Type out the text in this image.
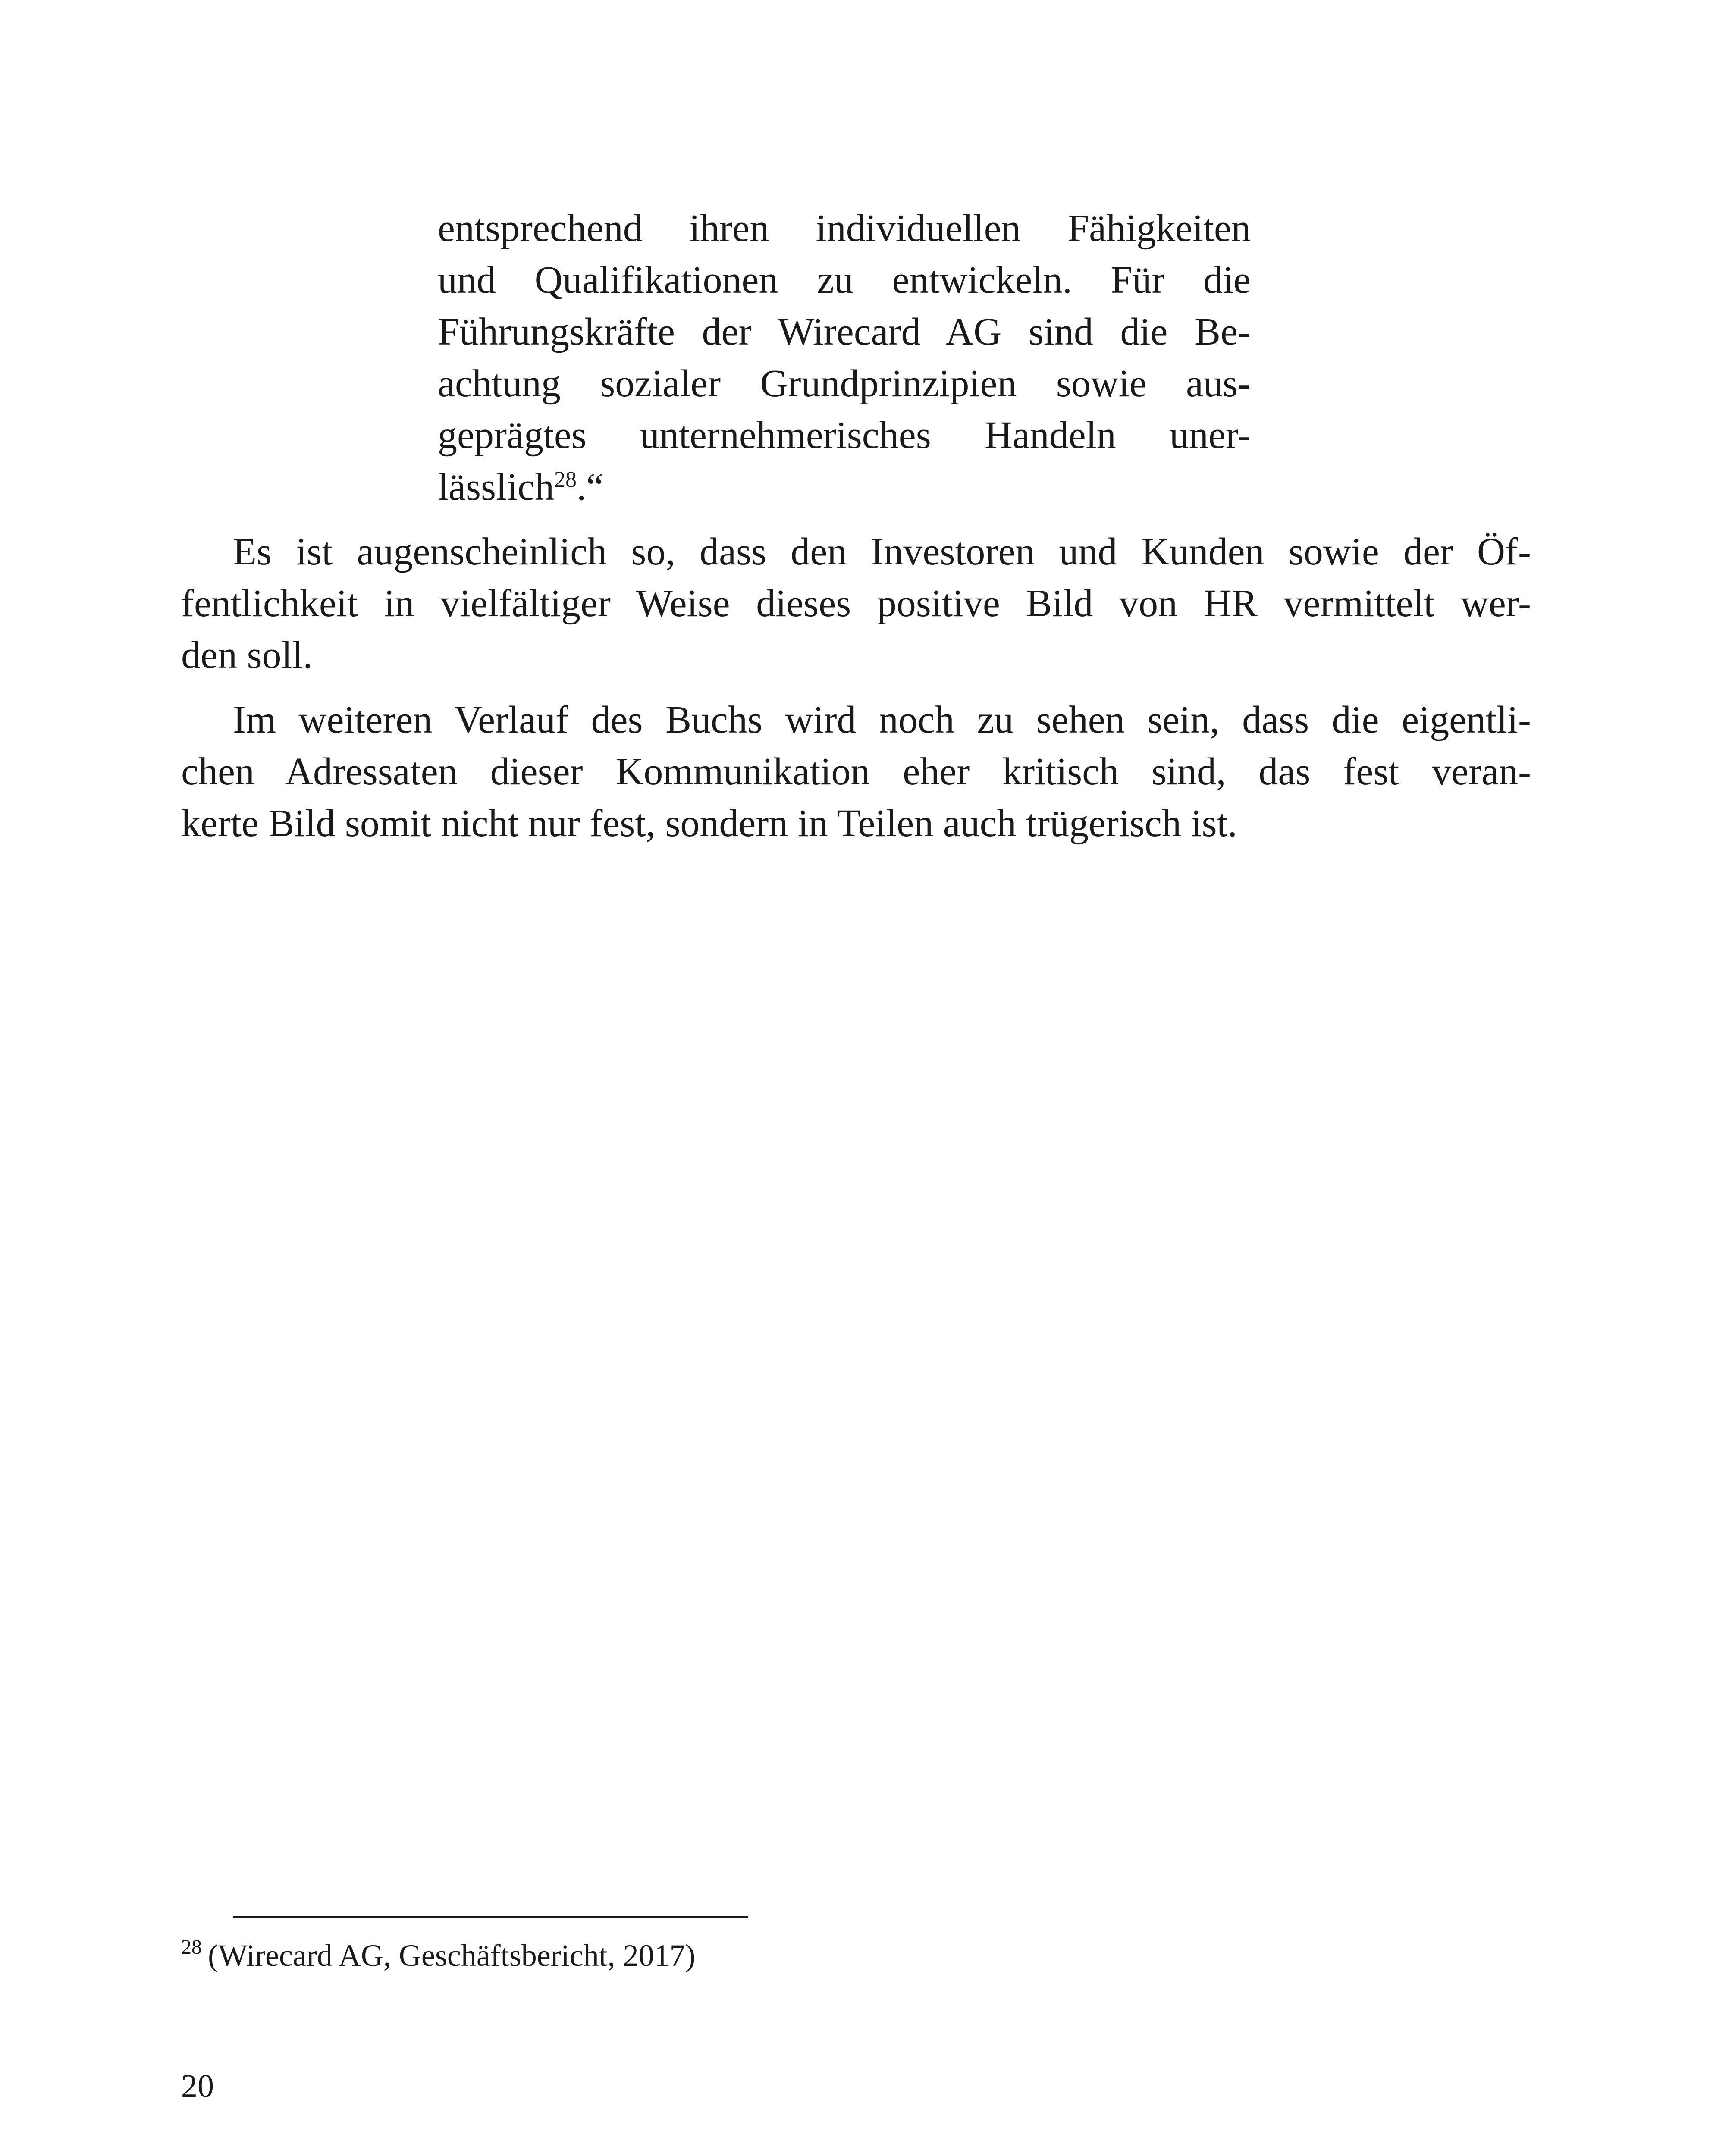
entsprechend ihren individuellen Fähigkeiten
und Qualifikationen zu entwickeln. Für die
Führungskräfte der Wirecard AG sind die Be-
achtung sozialer Grundprinzipien sowie aus-
geprägtes unternehmerisches Handeln uner-
lässlich$^{28}$.“
Es ist augenscheinlich so, dass den Investoren und Kunden sowie der Öf-
fentlichkeit in vielfältiger Weise dieses positive Bild von HR vermittelt wer-
den soll.
Im weiteren Verlauf des Buchs wird noch zu sehen sein, dass die eigentli-
chen Adressaten dieser Kommunikation eher kritisch sind, das fest veran-
kerte Bild somit nicht nur fest, sondern in Teilen auch trügerisch ist.
$^{28}$ (Wirecard AG, Geschäftsbericht, 2017)
20
